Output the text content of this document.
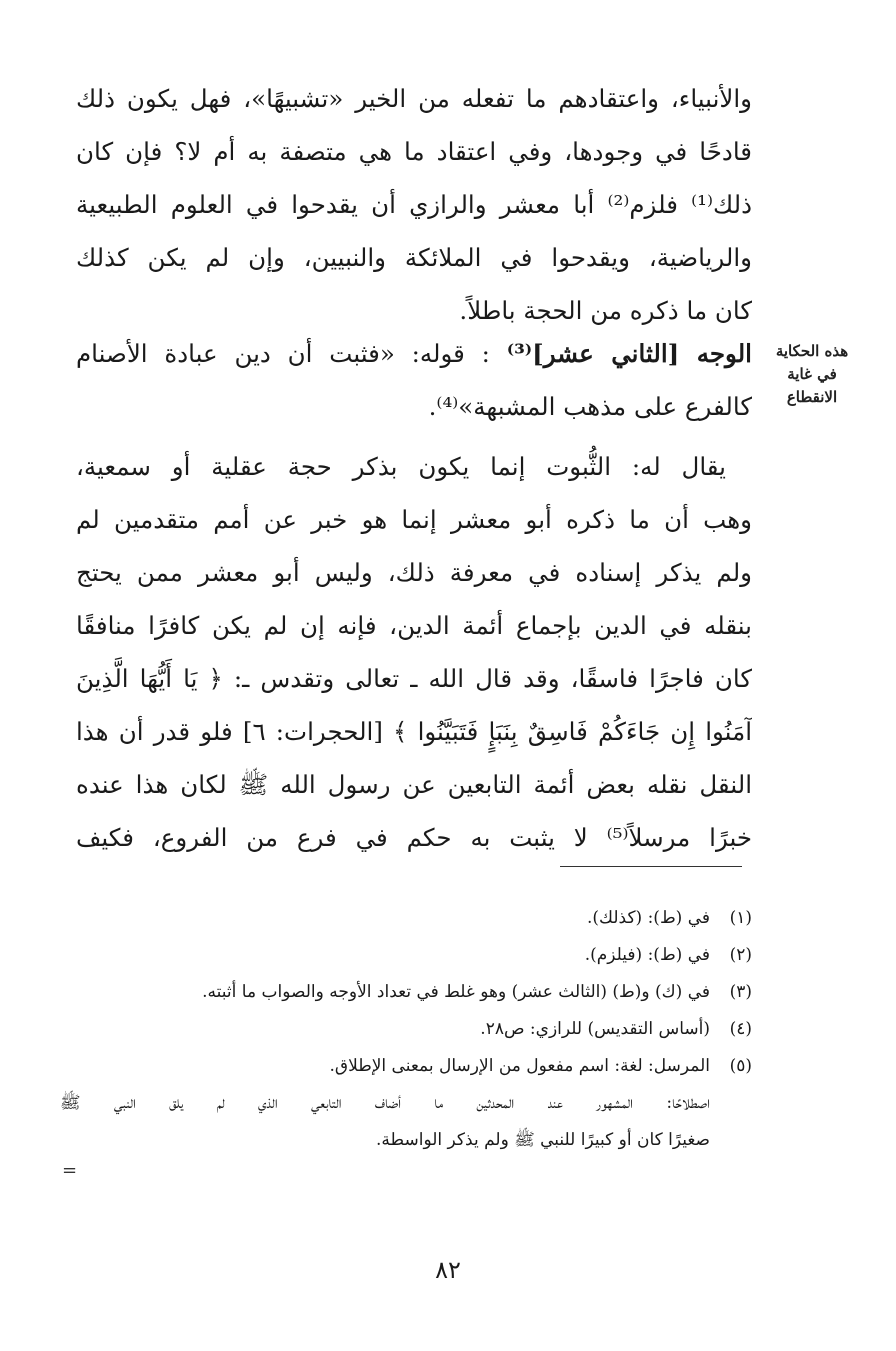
والأنبياء، واعتقادهم ما تفعله من الخير «تشبيهًا»، فهل يكون ذلك
قادحًا في وجودها، وفي اعتقاد ما هي متصفة به أم لا؟ فإن كان
ذلك⁽¹⁾ فلزم⁽²⁾ أبا معشر والرازي أن يقدحوا في العلوم الطبيعية
والرياضية، ويقدحوا في الملائكة والنبيين، وإن لم يكن كذلك
كان ما ذكره من الحجة باطلاً.
الوجه [الثاني عشر]⁽³⁾ : قوله: «فثبت أن دين عبادة الأصنام
كالفرع على مذهب المشبهة»⁽⁴⁾.
يقال له: الثُّبوت إنما يكون بذكر حجة عقلية أو سمعية،
وهب أن ما ذكره أبو معشر إنما هو خبر عن أمم متقدمين لم
ولم يذكر إسناده في معرفة ذلك، وليس أبو معشر ممن يحتج
بنقله في الدين بإجماع أئمة الدين، فإنه إن لم يكن كافرًا منافقًا
كان فاجرًا فاسقًا، وقد قال الله ـ تعالى وتقدس ـ: ﴿ يَا أَيُّهَا الَّذِينَ
آمَنُوا إِن جَاءَكُمْ فَاسِقٌ بِنَبَإٍ فَتَبَيَّنُوا ﴾ [الحجرات: ٦] فلو قدر أن هذا
النقل نقله بعض أئمة التابعين عن رسول الله ﷺ لكان هذا عنده
خبرًا مرسلاً⁽⁵⁾ لا يثبت به حكم في فرع من الفروع، فكيف
هذه الحكاية
في غاية
الانقطاع
(١)
في (ط): (كذلك).
(٢)
في (ط): (فيلزم).
(٣)
في (ك) و(ط) (الثالث عشر) وهو غلط في تعداد الأوجه والصواب ما أثبته.
(٤)
(أساس التقديس) للرازي: ص٢٨.
(٥)
المرسل: لغة: اسم مفعول من الإرسال بمعنى الإطلاق.
اصطلاحًا: المشهور عند المحدثين ما أضاف التابعي الذي لم يلق النبي ﷺ
صغيرًا كان أو كبيرًا للنبي ﷺ ولم يذكر الواسطة.
=
٨٢
